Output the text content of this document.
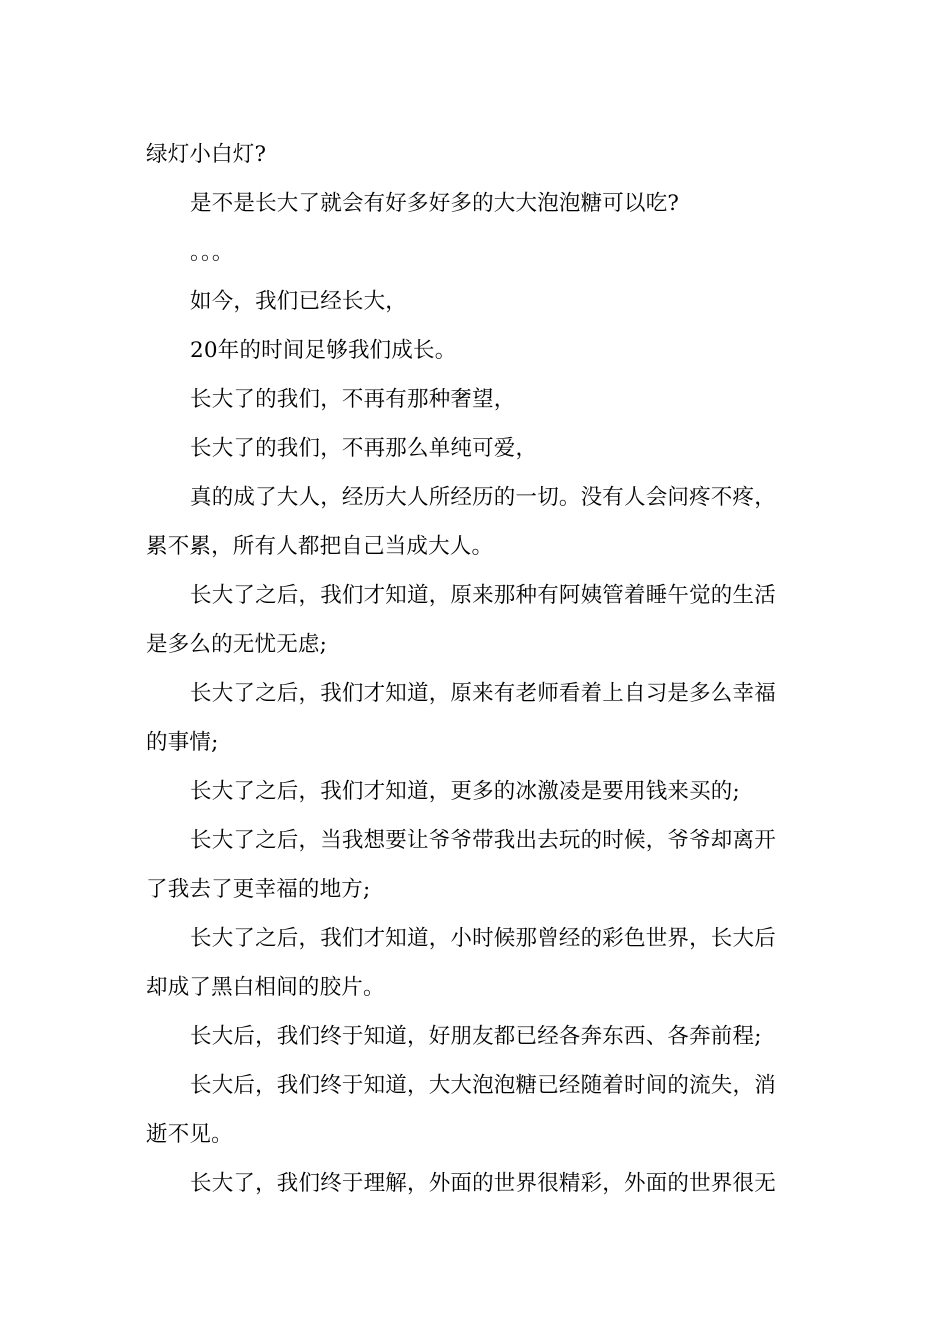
绿灯小白灯?
是不是长大了就会有好多好多的大大泡泡糖可以吃?
。。。
如今，我们已经长大，
20年的时间足够我们成长。
长大了的我们，不再有那种奢望，
长大了的我们，不再那么单纯可爱，
真的成了大人，经历大人所经历的一切。没有人会问疼不疼，
累不累，所有人都把自己当成大人。
长大了之后，我们才知道，原来那种有阿姨管着睡午觉的生活
是多么的无忧无虑;
长大了之后，我们才知道，原来有老师看着上自习是多么幸福
的事情;
长大了之后，我们才知道，更多的冰激凌是要用钱来买的;
长大了之后，当我想要让爷爷带我出去玩的时候，爷爷却离开
了我去了更幸福的地方;
长大了之后，我们才知道，小时候那曾经的彩色世界，长大后
却成了黑白相间的胶片。
长大后，我们终于知道，好朋友都已经各奔东西、各奔前程;
长大后，我们终于知道，大大泡泡糖已经随着时间的流失，消
逝不见。
长大了，我们终于理解，外面的世界很精彩，外面的世界很无
